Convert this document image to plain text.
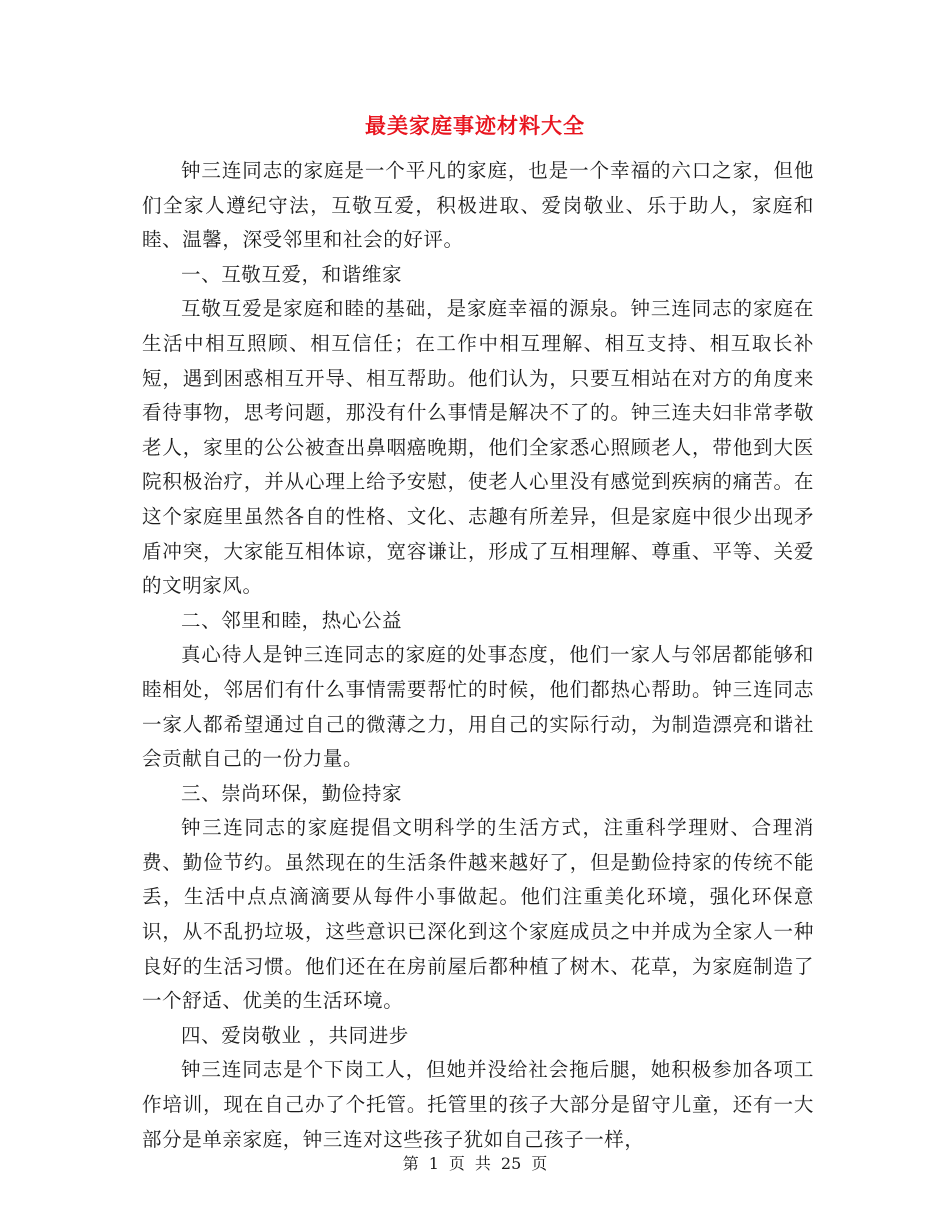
最美家庭事迹材料大全

钟三连同志的家庭是一个平凡的家庭，也是一个幸福的六口之家，但他们全家人遵纪守法，互敬互爱，积极进取、爱岗敬业、乐于助人，家庭和睦、温馨，深受邻里和社会的好评。

一、互敬互爱，和谐维家

互敬互爱是家庭和睦的基础，是家庭幸福的源泉。钟三连同志的家庭在生活中相互照顾、相互信任；在工作中相互理解、相互支持、相互取长补短，遇到困惑相互开导、相互帮助。他们认为，只要互相站在对方的角度来看待事物，思考问题，那没有什么事情是解决不了的。钟三连夫妇非常孝敬老人，家里的公公被查出鼻咽癌晚期，他们全家悉心照顾老人，带他到大医院积极治疗，并从心理上给予安慰，使老人心里没有感觉到疾病的痛苦。在这个家庭里虽然各自的性格、文化、志趣有所差异，但是家庭中很少出现矛盾冲突，大家能互相体谅，宽容谦让，形成了互相理解、尊重、平等、关爱的文明家风。

二、邻里和睦，热心公益

真心待人是钟三连同志的家庭的处事态度，他们一家人与邻居都能够和睦相处，邻居们有什么事情需要帮忙的时候，他们都热心帮助。钟三连同志一家人都希望通过自己的微薄之力，用自己的实际行动，为制造漂亮和谐社会贡献自己的一份力量。

三、崇尚环保，勤俭持家

钟三连同志的家庭提倡文明科学的生活方式，注重科学理财、合理消费、勤俭节约。虽然现在的生活条件越来越好了，但是勤俭持家的传统不能丢，生活中点点滴滴要从每件小事做起。他们注重美化环境，强化环保意识，从不乱扔垃圾，这些意识已深化到这个家庭成员之中并成为全家人一种良好的生活习惯。他们还在在房前屋后都种植了树木、花草，为家庭制造了一个舒适、优美的生活环境。

四、爱岗敬业 ，共同进步

钟三连同志是个下岗工人，但她并没给社会拖后腿，她积极参加各项工作培训，现在自己办了个托管。托管里的孩子大部分是留守儿童，还有一大部分是单亲家庭，钟三连对这些孩子犹如自己孩子一样，

第 1 页 共 25 页
